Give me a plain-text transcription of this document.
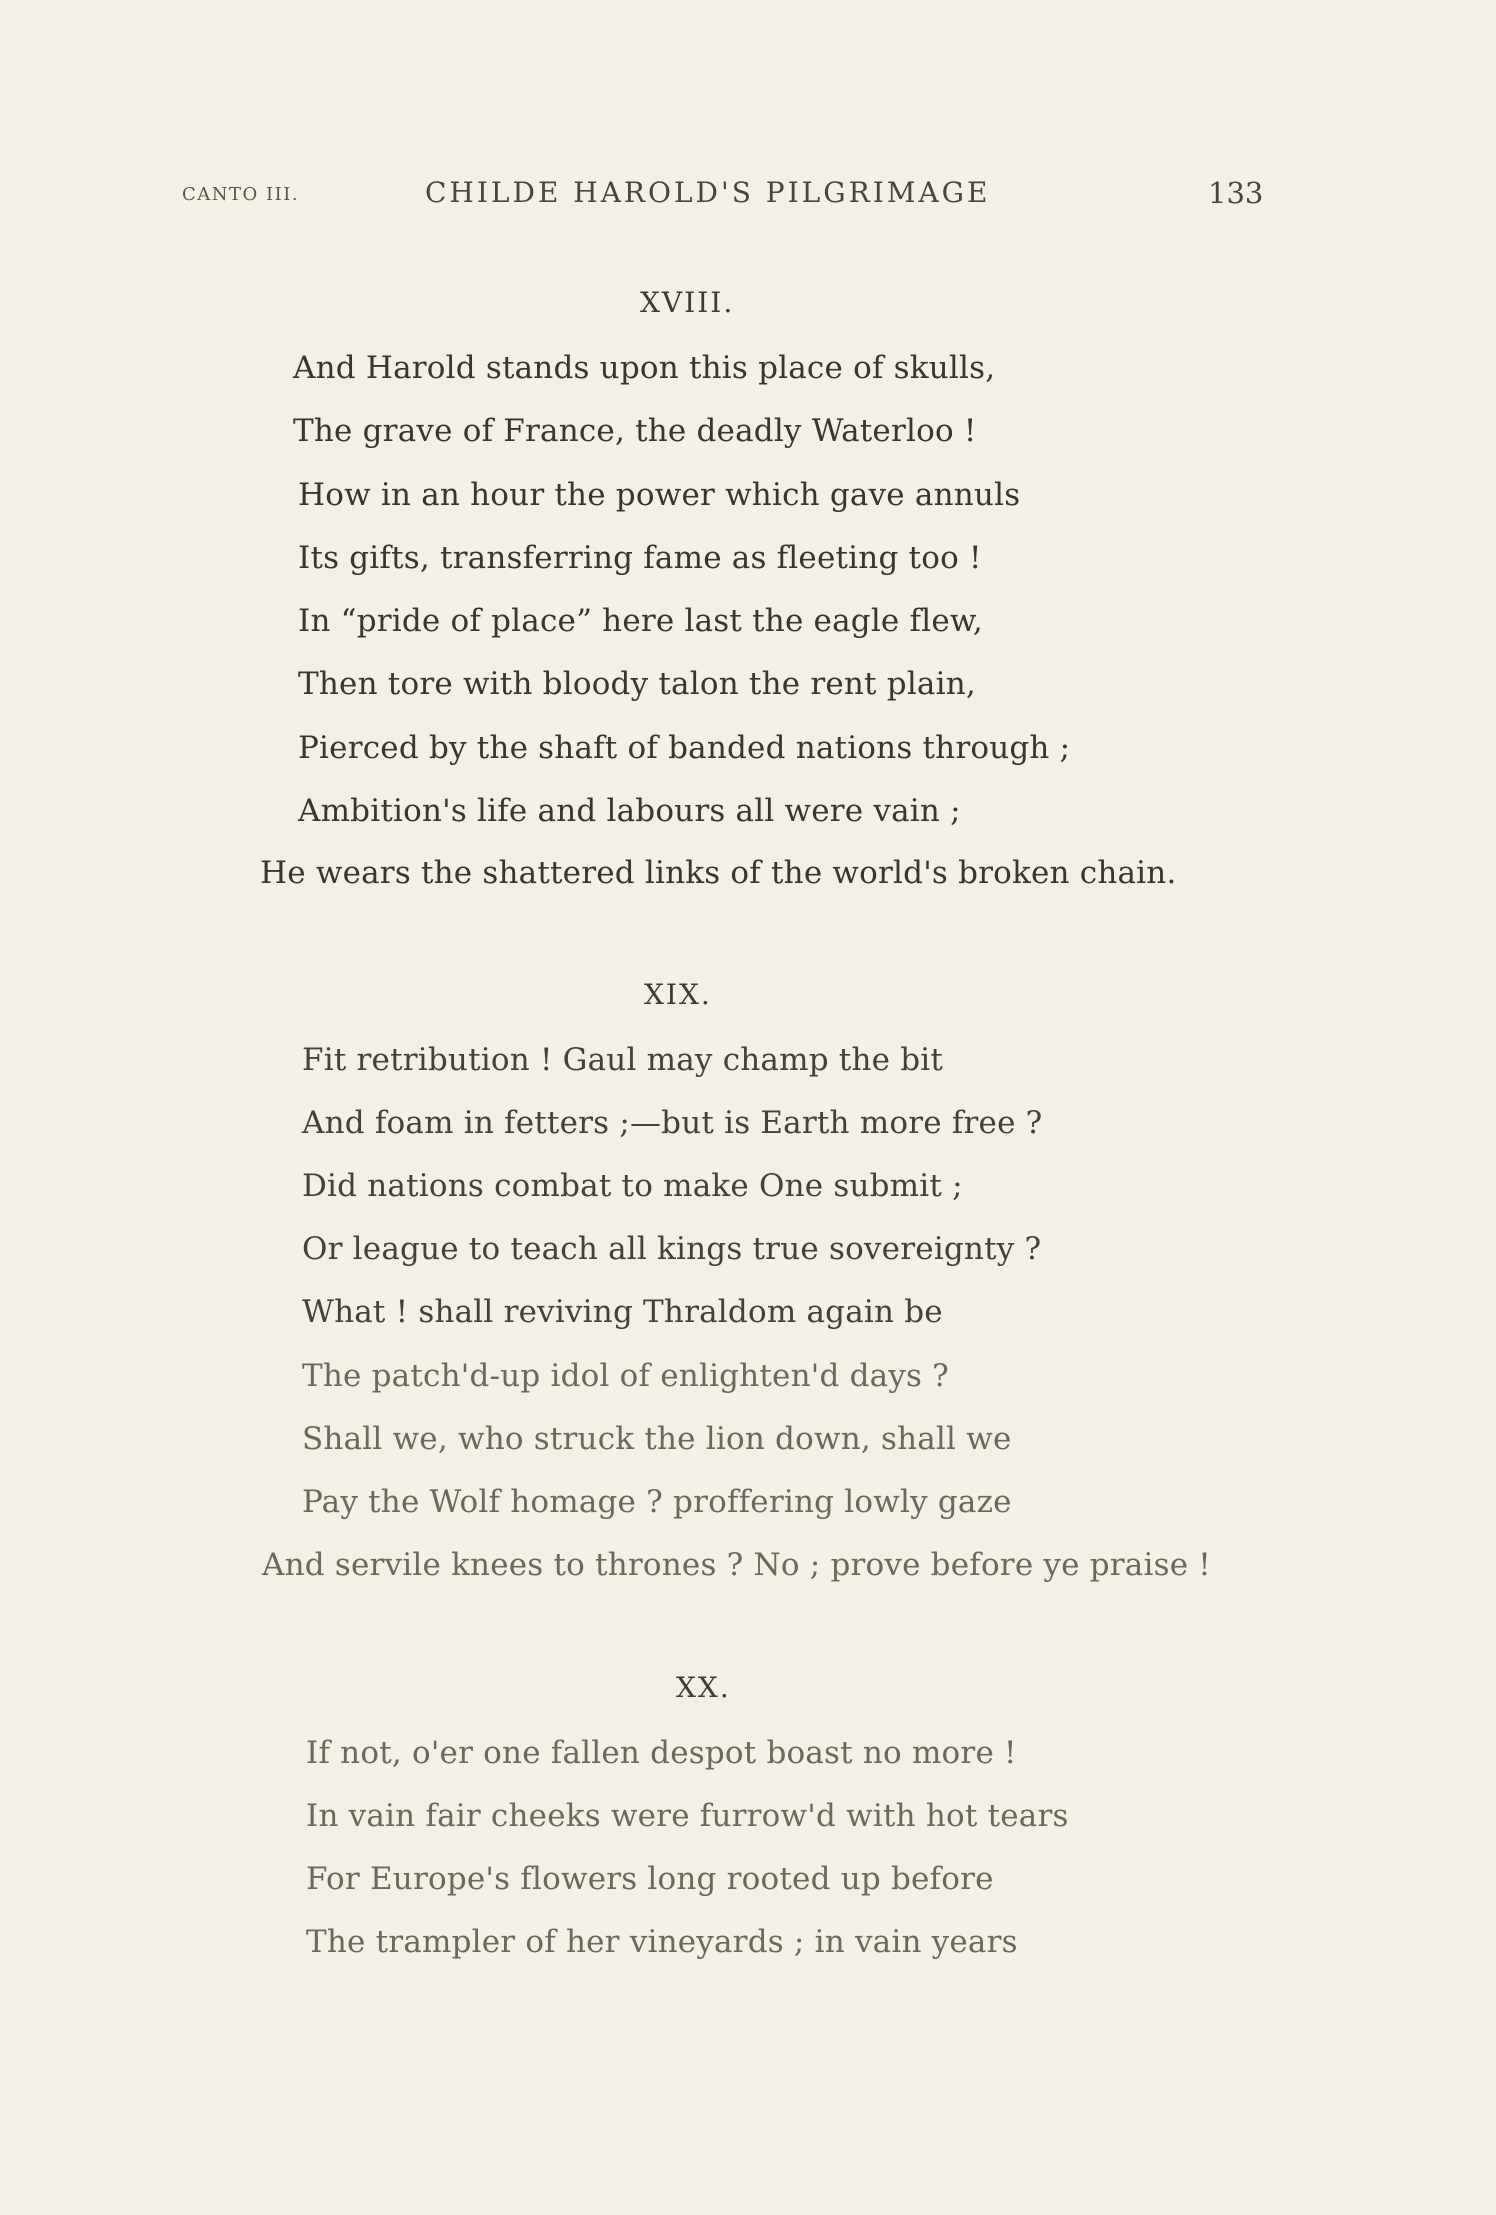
CANTO III.	CHILDE HAROLD'S PILGRIMAGE	133
XVIII.
And Harold stands upon this place of skulls,
The grave of France, the deadly Waterloo !
How in an hour the power which gave annuls
Its gifts, transferring fame as fleeting too !
In “pride of place” here last the eagle flew,
Then tore with bloody talon the rent plain,
Pierced by the shaft of banded nations through ;
Ambition's life and labours all were vain ;
He wears the shattered links of the world's broken chain.
XIX.
Fit retribution ! Gaul may champ the bit
And foam in fetters ;—but is Earth more free ?
Did nations combat to make One submit ;
Or league to teach all kings true sovereignty ?
What ! shall reviving Thraldom again be
The patch'd-up idol of enlighten'd days ?
Shall we, who struck the lion down, shall we
Pay the Wolf homage ? proffering lowly gaze
And servile knees to thrones ? No ; prove before ye praise !
XX.
If not, o'er one fallen despot boast no more !
In vain fair cheeks were furrow'd with hot tears
For Europe's flowers long rooted up before
The trampler of her vineyards ; in vain years
